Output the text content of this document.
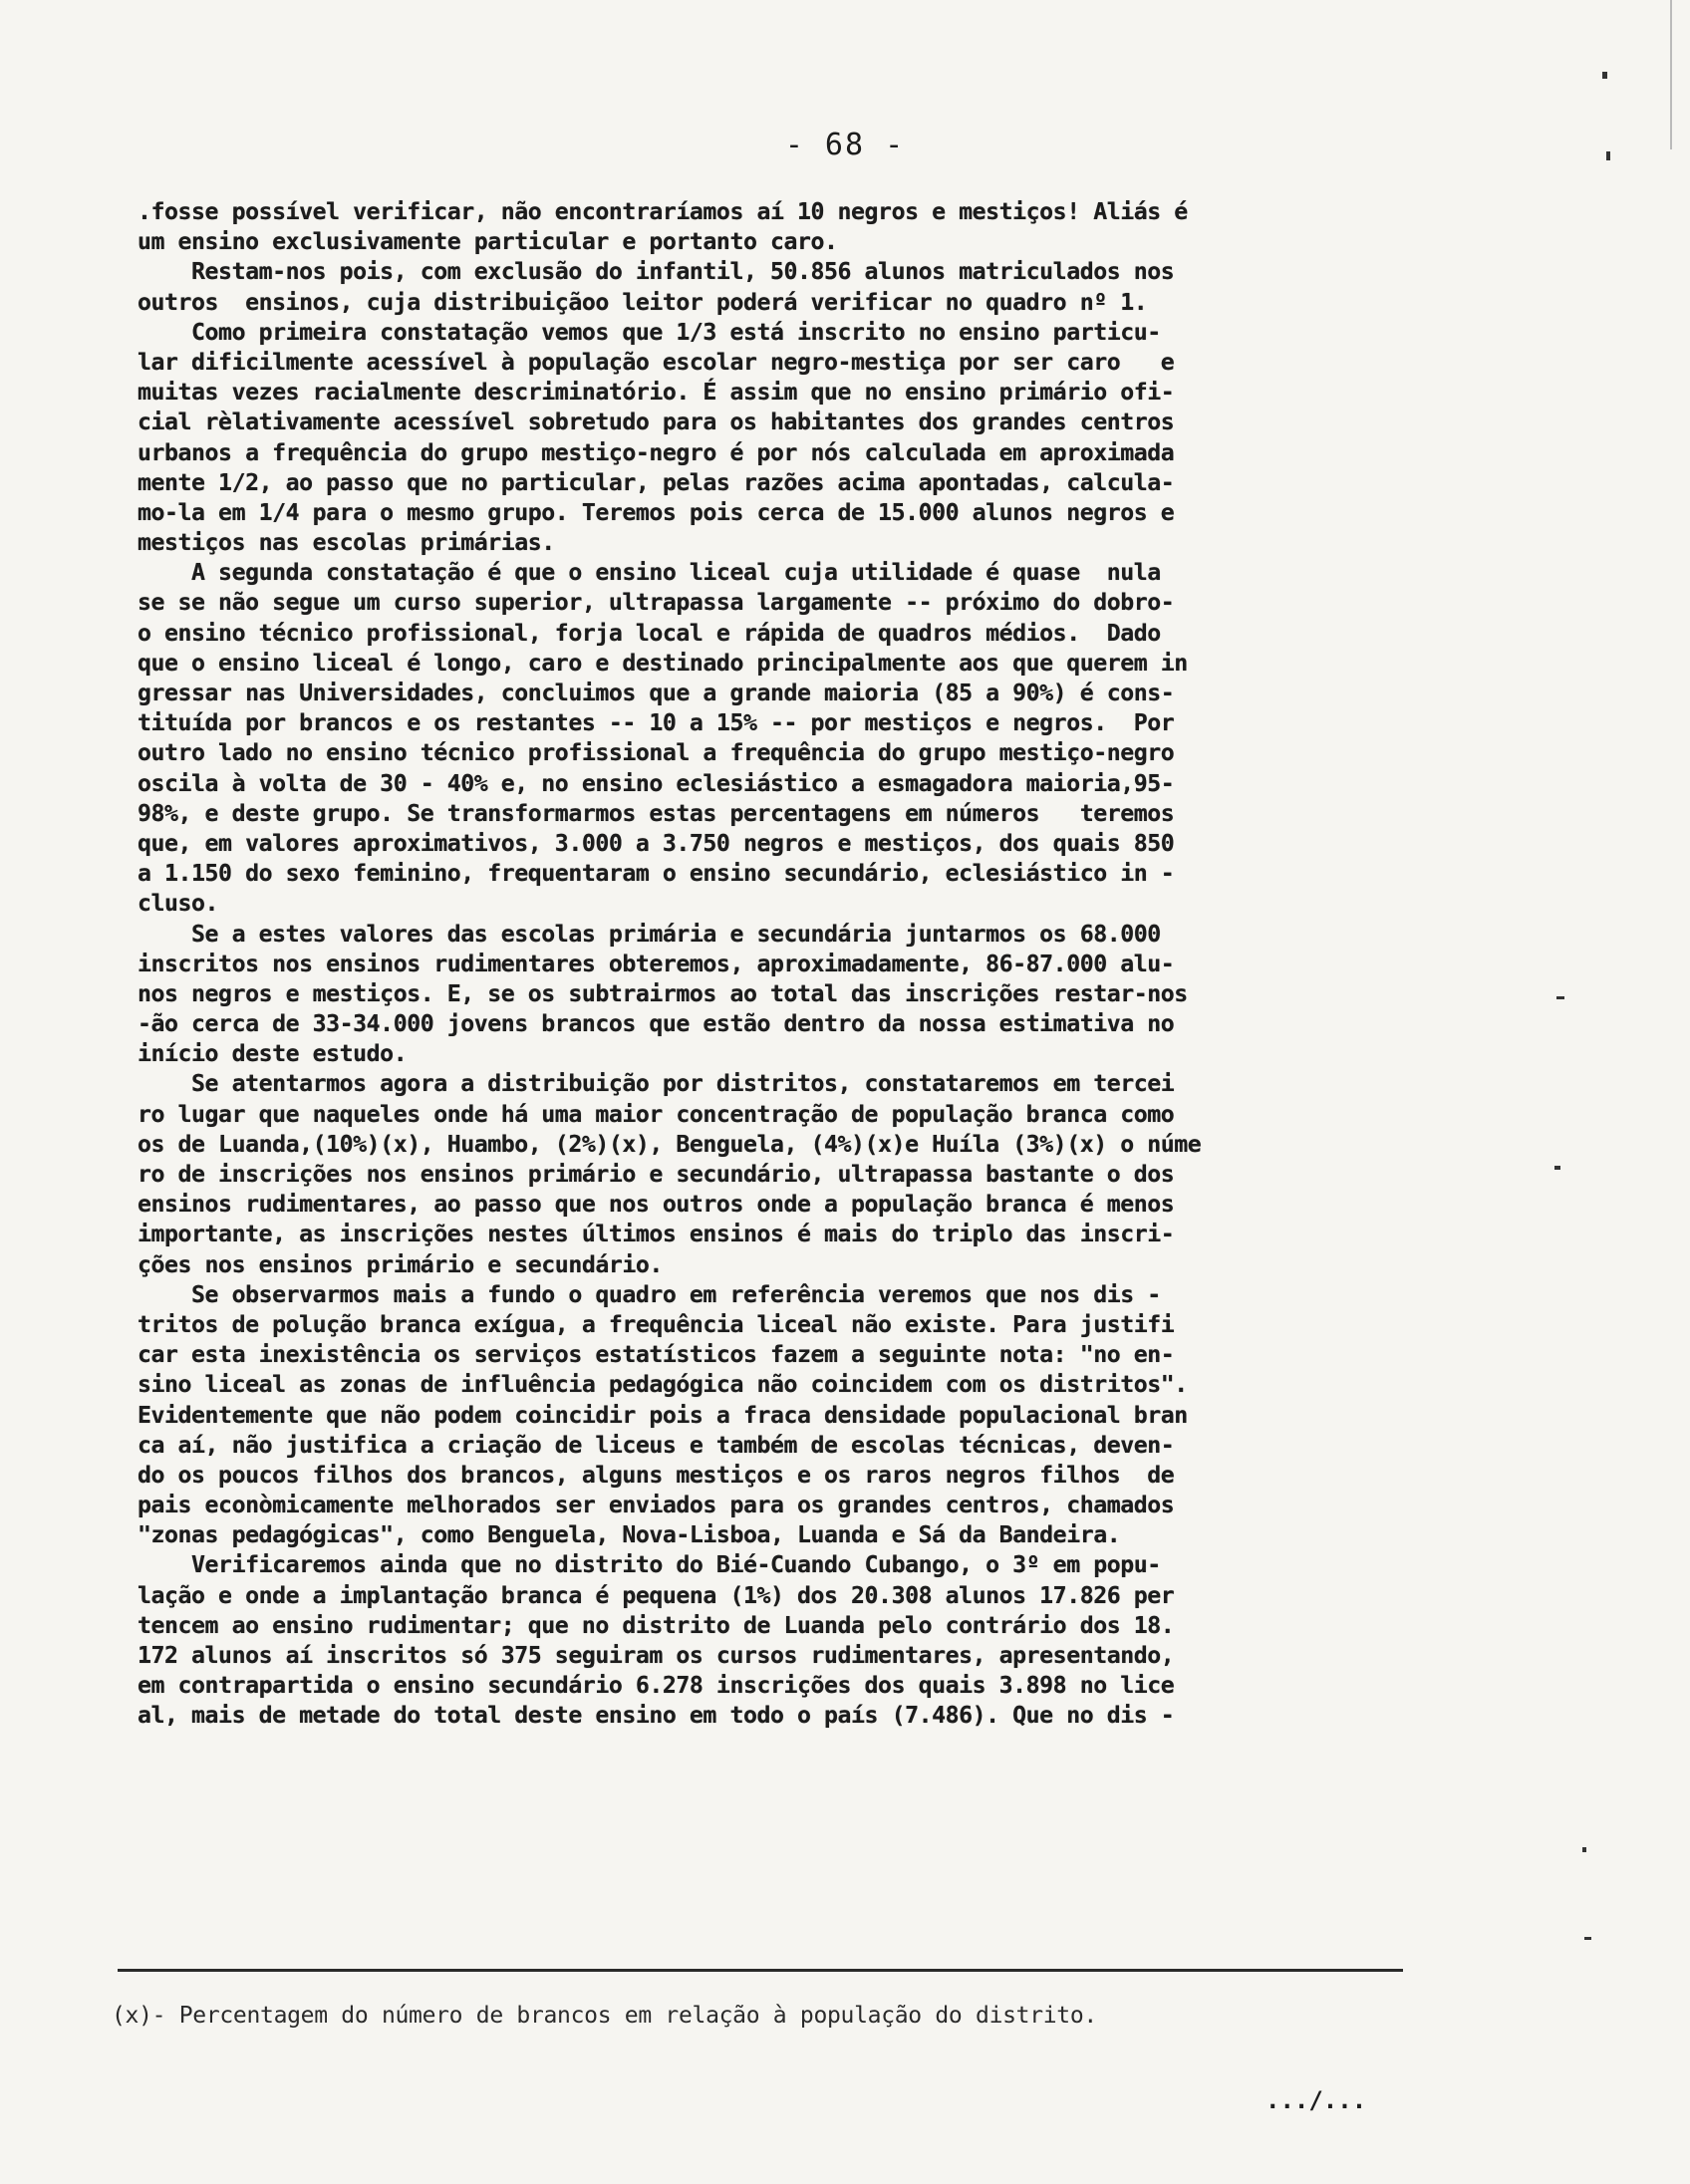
- 68 -
.fosse possível verificar, não encontraríamos aí 10 negros e mestiços! Aliás é
um ensino exclusivamente particular e portanto caro.
Restam-nos pois, com exclusão do infantil, 50.856 alunos matriculados nos
outros  ensinos, cuja distribuiçãoo leitor poderá verificar no quadro nº 1.
Como primeira constatação vemos que 1/3 está inscrito no ensino particu-
lar dificilmente acessível à população escolar negro-mestiça por ser caro   e
muitas vezes racialmente descriminatório. É assim que no ensino primário ofi-
cial rèlativamente acessível sobretudo para os habitantes dos grandes centros
urbanos a frequência do grupo mestiço-negro é por nós calculada em aproximada
mente 1/2, ao passo que no particular, pelas razões acima apontadas, calcula-
mo-la em 1/4 para o mesmo grupo. Teremos pois cerca de 15.000 alunos negros e
mestiços nas escolas primárias.
A segunda constatação é que o ensino liceal cuja utilidade é quase  nula
se se não segue um curso superior, ultrapassa largamente -- próximo do dobro-
o ensino técnico profissional, forja local e rápida de quadros médios.  Dado
que o ensino liceal é longo, caro e destinado principalmente aos que querem in
gressar nas Universidades, concluimos que a grande maioria (85 a 90%) é cons-
tituída por brancos e os restantes -- 10 a 15% -- por mestiços e negros.  Por
outro lado no ensino técnico profissional a frequência do grupo mestiço-negro
oscila à volta de 30 - 40% e, no ensino eclesiástico a esmagadora maioria,95-
98%, e deste grupo. Se transformarmos estas percentagens em números   teremos
que, em valores aproximativos, 3.000 a 3.750 negros e mestiços, dos quais 850
a 1.150 do sexo feminino, frequentaram o ensino secundário, eclesiástico in -
cluso.
Se a estes valores das escolas primária e secundária juntarmos os 68.000
inscritos nos ensinos rudimentares obteremos, aproximadamente, 86-87.000 alu-
nos negros e mestiços. E, se os subtrairmos ao total das inscrições restar-nos
-ão cerca de 33-34.000 jovens brancos que estão dentro da nossa estimativa no
início deste estudo.
Se atentarmos agora a distribuição por distritos, constataremos em tercei
ro lugar que naqueles onde há uma maior concentração de população branca como
os de Luanda,(10%)(x), Huambo, (2%)(x), Benguela, (4%)(x)e Huíla (3%)(x) o núme
ro de inscrições nos ensinos primário e secundário, ultrapassa bastante o dos
ensinos rudimentares, ao passo que nos outros onde a população branca é menos
importante, as inscrições nestes últimos ensinos é mais do triplo das inscri-
ções nos ensinos primário e secundário.
Se observarmos mais a fundo o quadro em referência veremos que nos dis -
tritos de polução branca exígua, a frequência liceal não existe. Para justifi
car esta inexistência os serviços estatísticos fazem a seguinte nota: "no en-
sino liceal as zonas de influência pedagógica não coincidem com os distritos".
Evidentemente que não podem coincidir pois a fraca densidade populacional bran
ca aí, não justifica a criação de liceus e também de escolas técnicas, deven-
do os poucos filhos dos brancos, alguns mestiços e os raros negros filhos  de
pais econòmicamente melhorados ser enviados para os grandes centros, chamados
"zonas pedagógicas", como Benguela, Nova-Lisboa, Luanda e Sá da Bandeira.
Verificaremos ainda que no distrito do Bié-Cuando Cubango, o 3º em popu-
lação e onde a implantação branca é pequena (1%) dos 20.308 alunos 17.826 per
tencem ao ensino rudimentar; que no distrito de Luanda pelo contrário dos 18.
172 alunos aí inscritos só 375 seguiram os cursos rudimentares, apresentando,
em contrapartida o ensino secundário 6.278 inscrições dos quais 3.898 no lice
al, mais de metade do total deste ensino em todo o país (7.486). Que no dis -
(x)- Percentagem do número de brancos em relação à população do distrito.
.../...
